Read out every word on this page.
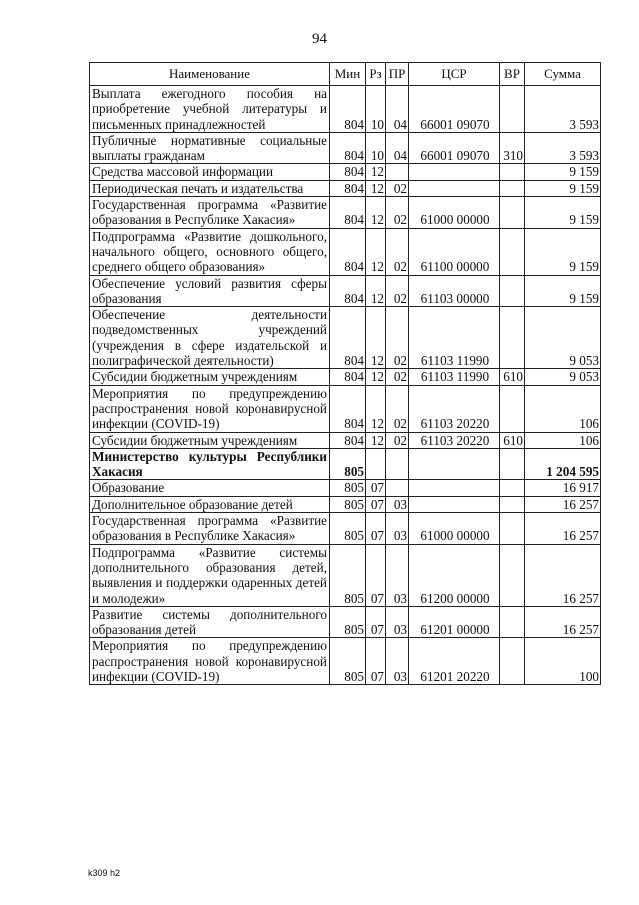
94
Наименование	Мин	Рз	ПР	ЦСР	ВР	Сумма
Выплата ежегодного пособия на приобретение учебной литературы и письменных принадлежностей	804	10	04	66001 09070		3 593
Публичные нормативные социальные выплаты гражданам	804	10	04	66001 09070	310	3 593
Средства массовой информации	804	12				9 159
Периодическая печать и издательства	804	12	02			9 159
Государственная программа «Развитие образования в Республике Хакасия»	804	12	02	61000 00000		9 159
Подпрограмма «Развитие дошкольного, начального общего, основного общего, среднего общего образования»	804	12	02	61100 00000		9 159
Обеспечение условий развития сферы образования	804	12	02	61103 00000		9 159
Обеспечение деятельности подведомственных учреждений (учреждения в сфере издательской и полиграфической деятельности)	804	12	02	61103 11990		9 053
Субсидии бюджетным учреждениям	804	12	02	61103 11990	610	9 053
Мероприятия по предупреждению распространения новой коронавирусной инфекции (COVID-19)	804	12	02	61103 20220		106
Субсидии бюджетным учреждениям	804	12	02	61103 20220	610	106
Министерство культуры Республики Хакасия	805					1 204 595
Образование	805	07				16 917
Дополнительное образование детей	805	07	03			16 257
Государственная программа «Развитие образования в Республике Хакасия»	805	07	03	61000 00000		16 257
Подпрограмма «Развитие системы дополнительного образования детей, выявления и поддержки одаренных детей и молодежи»	805	07	03	61200 00000		16 257
Развитие системы дополнительного образования детей	805	07	03	61201 00000		16 257
Мероприятия по предупреждению распространения новой коронавирусной инфекции (COVID-19)	805	07	03	61201 20220		100
k309 h2
